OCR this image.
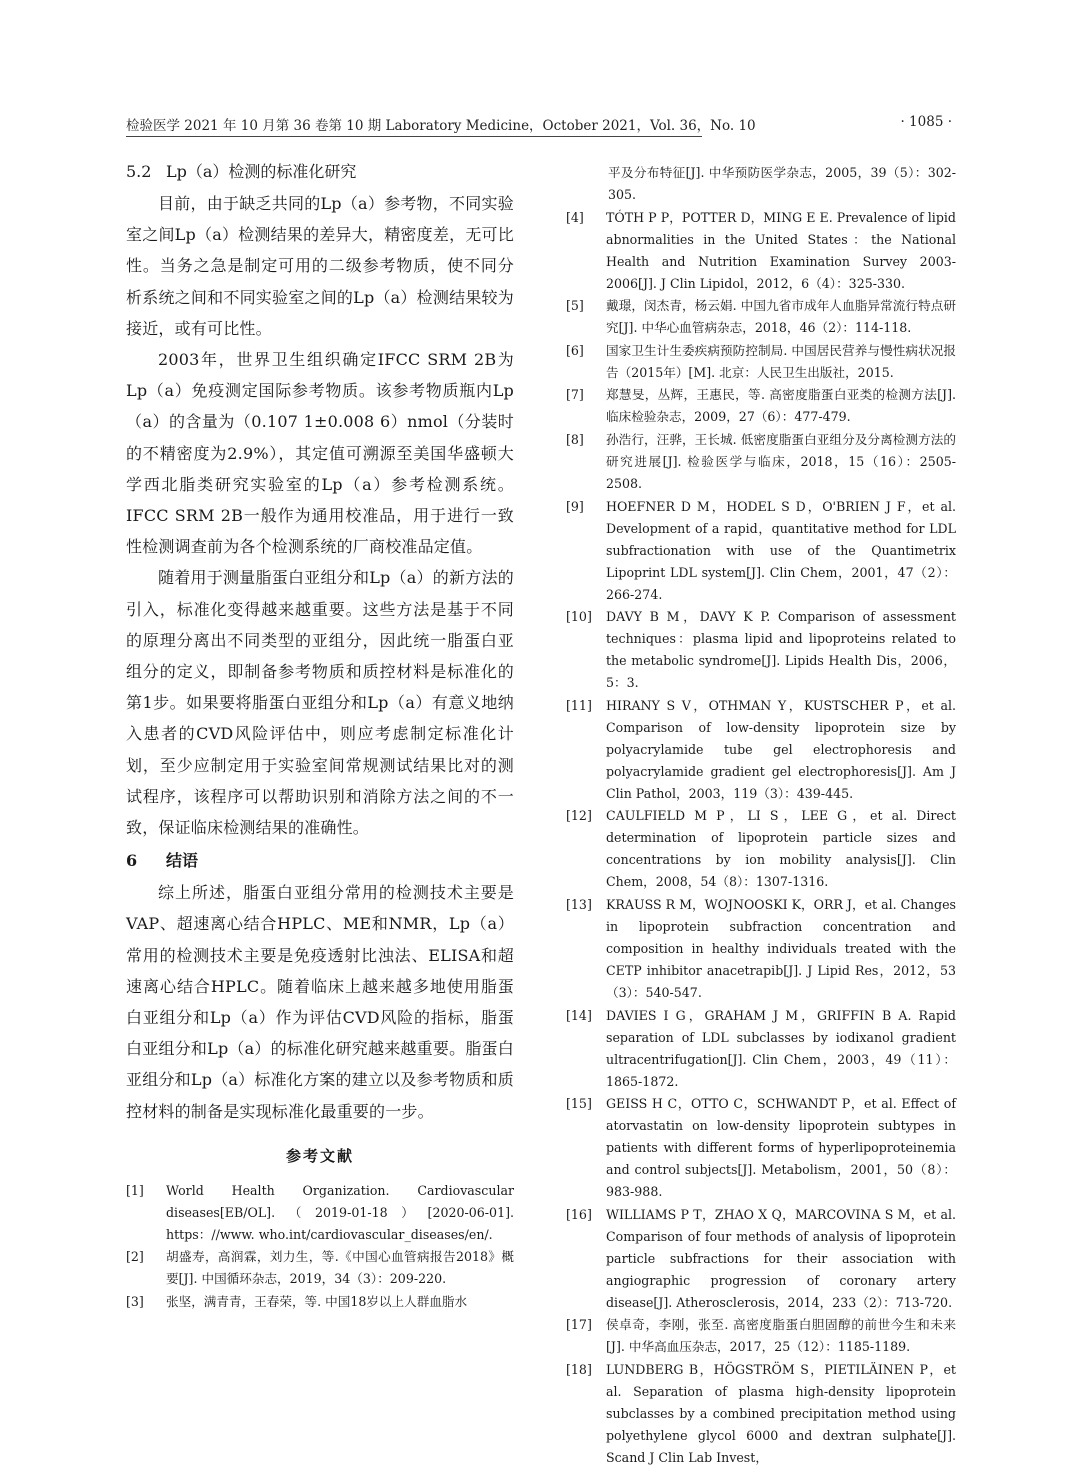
检验医学 2021 年 10 月第 36 卷第 10 期 Laboratory Medicine，October 2021，Vol. 36，No. 10	· 1085 ·
5.2 Lp（a）检测的标准化研究

目前，由于缺乏共同的Lp（a）参考物，不同实验室之间Lp（a）检测结果的差异大，精密度差，无可比性。当务之急是制定可用的二级参考物质，使不同分析系统之间和不同实验室之间的Lp（a）检测结果较为接近，或有可比性。

2003年，世界卫生组织确定IFCC SRM 2B为Lp（a）免疫测定国际参考物质。该参考物质瓶内Lp（a）的含量为（0.107 1±0.008 6）nmol（分装时的不精密度为2.9%），其定值可溯源至美国华盛顿大学西北脂类研究实验室的Lp（a）参考检测系统。IFCC SRM 2B一般作为通用校准品，用于进行一致性检测调查前为各个检测系统的厂商校准品定值。

随着用于测量脂蛋白亚组分和Lp（a）的新方法的引入，标准化变得越来越重要。这些方法是基于不同的原理分离出不同类型的亚组分，因此统一脂蛋白亚组分的定义，即制备参考物质和质控材料是标准化的第1步。如果要将脂蛋白亚组分和Lp（a）有意义地纳入患者的CVD风险评估中，则应考虑制定标准化计划，至少应制定用于实验室间常规测试结果比对的测试程序，该程序可以帮助识别和消除方法之间的不一致，保证临床检测结果的准确性。

6 结语

综上所述，脂蛋白亚组分常用的检测技术主要是VAP、超速离心结合HPLC、ME和NMR，Lp（a）常用的检测技术主要是免疫透射比浊法、ELISA和超速离心结合HPLC。随着临床上越来越多地使用脂蛋白亚组分和Lp（a）作为评估CVD风险的指标，脂蛋白亚组分和Lp（a）的标准化研究越来越重要。脂蛋白亚组分和Lp（a）标准化方案的建立以及参考物质和质控材料的制备是实现标准化最重要的一步。

参考文献
[1]	World Health Organization. Cardiovascular diseases[EB/OL].（2019-01-18）[2020-06-01]. https：//www. who.int/cardiovascular_diseases/en/.
[2]	胡盛寿，高润霖，刘力生，等.《中国心血管病报告2018》概要[J]. 中国循环杂志，2019，34（3）：209-220.
[3]	张坚，满青青，王春荣，等. 中国18岁以上人群血脂水
平及分布特征[J]. 中华预防医学杂志，2005，39（5）：302-305.
[4]	TÓTH P P，POTTER D，MING E E. Prevalence of lipid abnormalities in the United States：the National Health and Nutrition Examination Survey 2003-2006[J]. J Clin Lipidol，2012，6（4）：325-330.
[5]	戴璟，闵杰青，杨云娟. 中国九省市成年人血脂异常流行特点研究[J]. 中华心血管病杂志，2018，46（2）：114-118.
[6]	国家卫生计生委疾病预防控制局. 中国居民营养与慢性病状况报告（2015年）[M]. 北京：人民卫生出版社，2015.
[7]	郑慧旻，丛辉，王惠民，等. 高密度脂蛋白亚类的检测方法[J]. 临床检验杂志，2009，27（6）：477-479.
[8]	孙浩行，汪骅，王长城. 低密度脂蛋白亚组分及分离检测方法的研究进展[J]. 检验医学与临床，2018，15（16）：2505-2508.
[9]	HOEFNER D M，HODEL S D，O'BRIEN J F，et al. Development of a rapid，quantitative method for LDL subfractionation with use of the Quantimetrix Lipoprint LDL system[J]. Clin Chem，2001，47（2）：266-274.
[10]	DAVY B M，DAVY K P. Comparison of assessment techniques：plasma lipid and lipoproteins related to the metabolic syndrome[J]. Lipids Health Dis，2006，5：3.
[11]	HIRANY S V，OTHMAN Y，KUSTSCHER P，et al. Comparison of low-density lipoprotein size by polyacrylamide tube gel electrophoresis and polyacrylamide gradient gel electrophoresis[J]. Am J Clin Pathol，2003，119（3）：439-445.
[12]	CAULFIELD M P，LI S，LEE G，et al. Direct determination of lipoprotein particle sizes and concentrations by ion mobility analysis[J]. Clin Chem，2008，54（8）：1307-1316.
[13]	KRAUSS R M，WOJNOOSKI K，ORR J，et al. Changes in lipoprotein subfraction concentration and composition in healthy individuals treated with the CETP inhibitor anacetrapib[J]. J Lipid Res，2012，53（3）：540-547.
[14]	DAVIES I G，GRAHAM J M，GRIFFIN B A. Rapid separation of LDL subclasses by iodixanol gradient ultracentrifugation[J]. Clin Chem，2003，49（11）：1865-1872.
[15]	GEISS H C，OTTO C，SCHWANDT P，et al. Effect of atorvastatin on low-density lipoprotein subtypes in patients with different forms of hyperlipoproteinemia and control subjects[J]. Metabolism，2001，50（8）：983-988.
[16]	WILLIAMS P T，ZHAO X Q，MARCOVINA S M，et al. Comparison of four methods of analysis of lipoprotein particle subfractions for their association with angiographic progression of coronary artery disease[J]. Atherosclerosis，2014，233（2）：713-720.
[17]	侯卓奇，李刚，张至. 高密度脂蛋白胆固醇的前世今生和未来[J]. 中华高血压杂志，2017，25（12）：1185-1189.
[18]	LUNDBERG B，HÖGSTRÖM S，PIETILÄINEN P，et al. Separation of plasma high-density lipoprotein subclasses by a combined precipitation method using polyethylene glycol 6000 and dextran sulphate[J]. Scand J Clin Lab Invest，
